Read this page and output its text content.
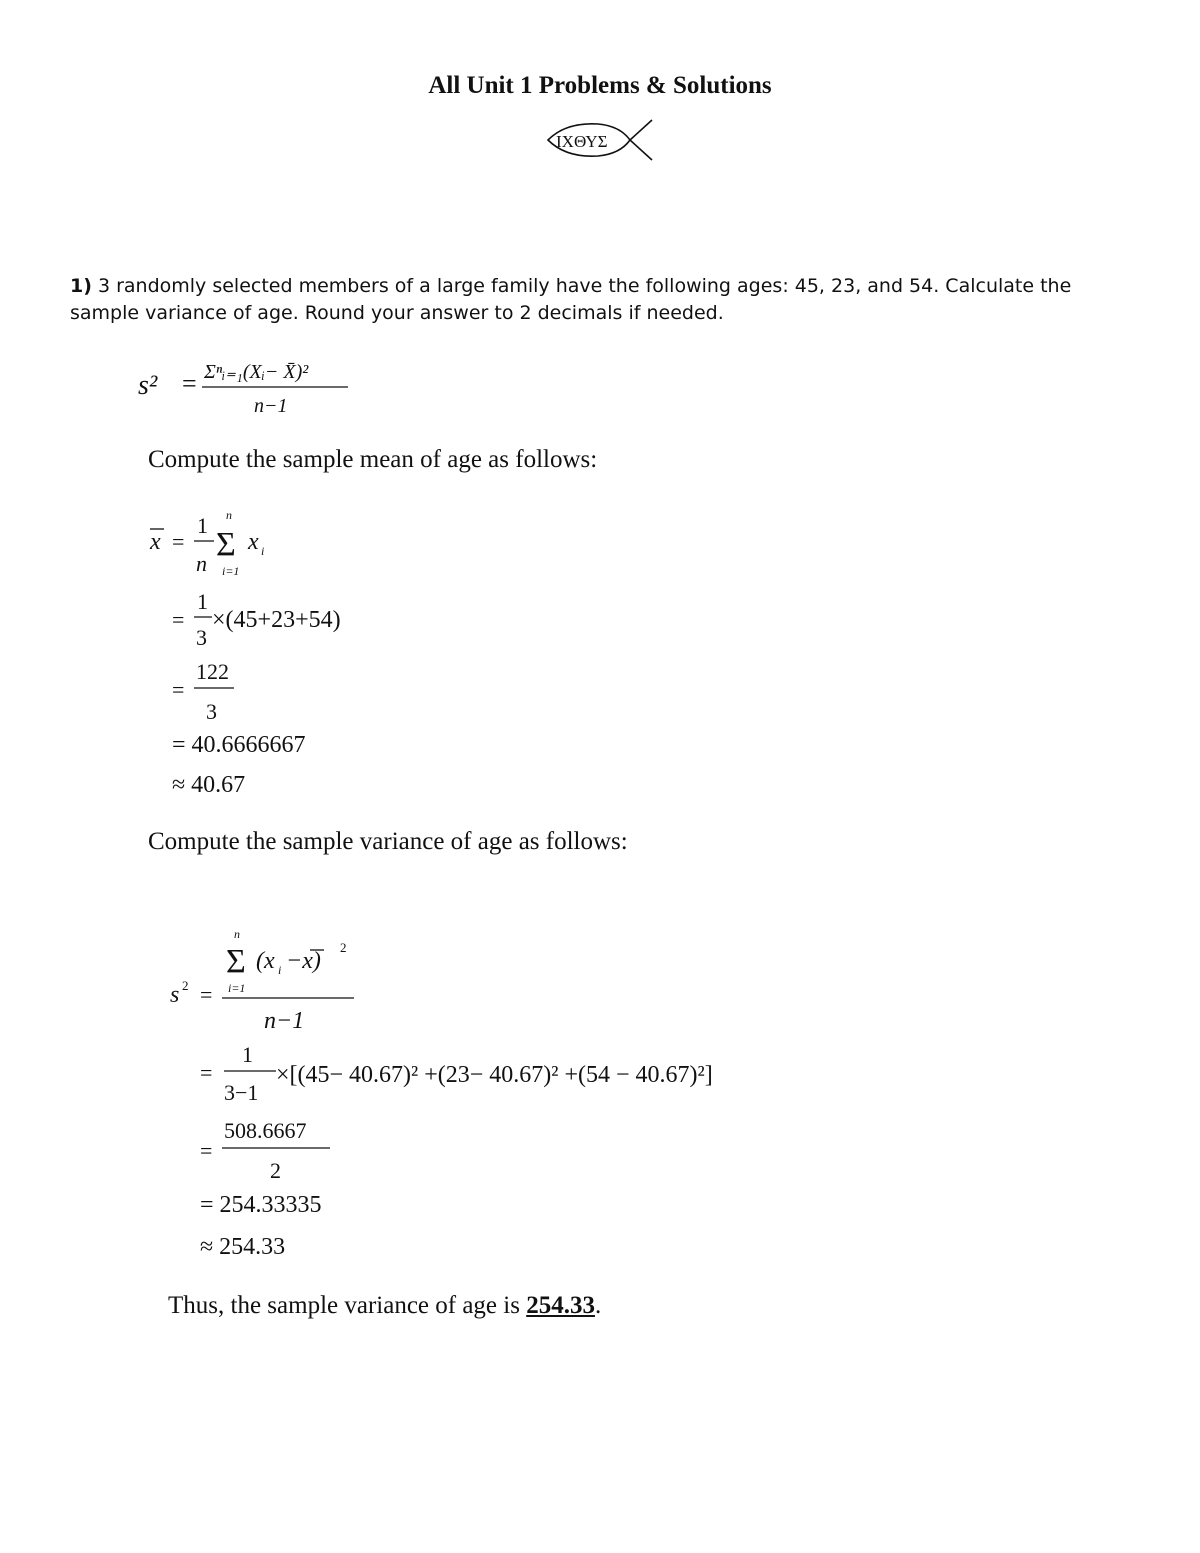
All Unit 1 Problems & Solutions
ΙΧΘΥΣ
1) 3 randomly selected members of a large family have the following ages: 45, 23, and 54. Calculate the sample variance of age. Round your answer to 2 decimals if needed.
s² = Σⁿᵢ₌₁(Xᵢ− X̄)²
n−1
Compute the sample mean of age as follows:
x =
1
n
n
Σ
i=1
x i
=
1
3
×(45+23+54)
=
122
3
= 40.6666667
≈ 40.67
Compute the sample variance of age as follows:
s 2 =
n
Σ
i=1
(x i −x)
2
n−1
=
1
3−1
×[(45− 40.67)² +(23− 40.67)² +(54 − 40.67)²]
=
508.6667
2
= 254.33335
≈ 254.33
Thus, the sample variance of age is 254.33.
